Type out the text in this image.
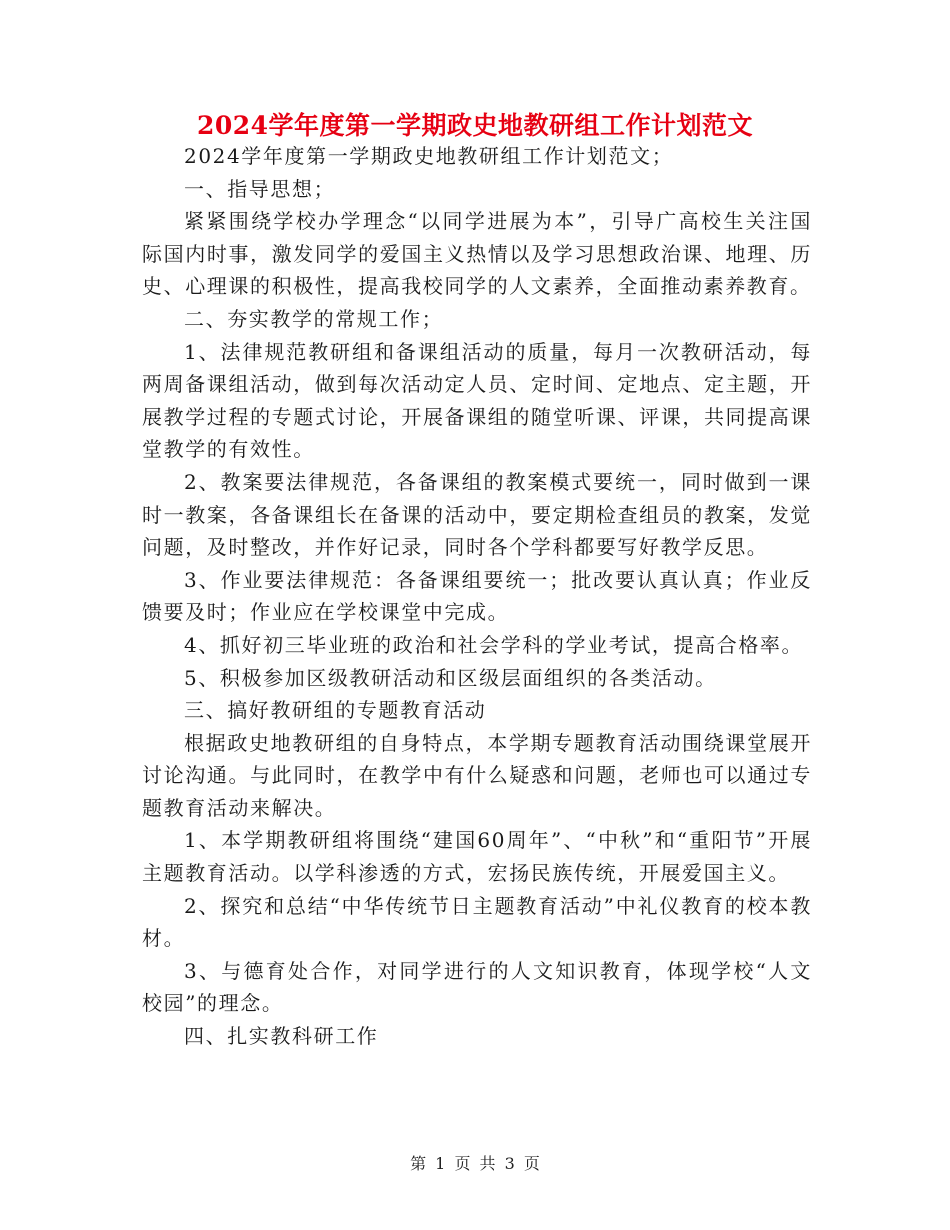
2024学年度第一学期政史地教研组工作计划范文

2024学年度第一学期政史地教研组工作计划范文；

一、指导思想；

紧紧围绕学校办学理念“以同学进展为本”，引导广高校生关注国际国内时事，激发同学的爱国主义热情以及学习思想政治课、地理、历史、心理课的积极性，提高我校同学的人文素养，全面推动素养教育。

二、夯实教学的常规工作；

1、法律规范教研组和备课组活动的质量，每月一次教研活动，每两周备课组活动，做到每次活动定人员、定时间、定地点、定主题，开展教学过程的专题式讨论，开展备课组的随堂听课、评课，共同提高课堂教学的有效性。

2、教案要法律规范，各备课组的教案模式要统一，同时做到一课时一教案，各备课组长在备课的活动中，要定期检查组员的教案，发觉问题，及时整改，并作好记录，同时各个学科都要写好教学反思。

3、作业要法律规范：各备课组要统一；批改要认真认真；作业反馈要及时；作业应在学校课堂中完成。

4、抓好初三毕业班的政治和社会学科的学业考试，提高合格率。

5、积极参加区级教研活动和区级层面组织的各类活动。

三、搞好教研组的专题教育活动

根据政史地教研组的自身特点，本学期专题教育活动围绕课堂展开讨论沟通。与此同时，在教学中有什么疑惑和问题，老师也可以通过专题教育活动来解决。

1、本学期教研组将围绕“建国60周年”、“中秋”和“重阳节”开展主题教育活动。以学科渗透的方式，宏扬民族传统，开展爱国主义。

2、探究和总结“中华传统节日主题教育活动”中礼仪教育的校本教材。

3、与德育处合作，对同学进行的人文知识教育，体现学校“人文校园”的理念。

四、扎实教科研工作

第 1 页 共 3 页
